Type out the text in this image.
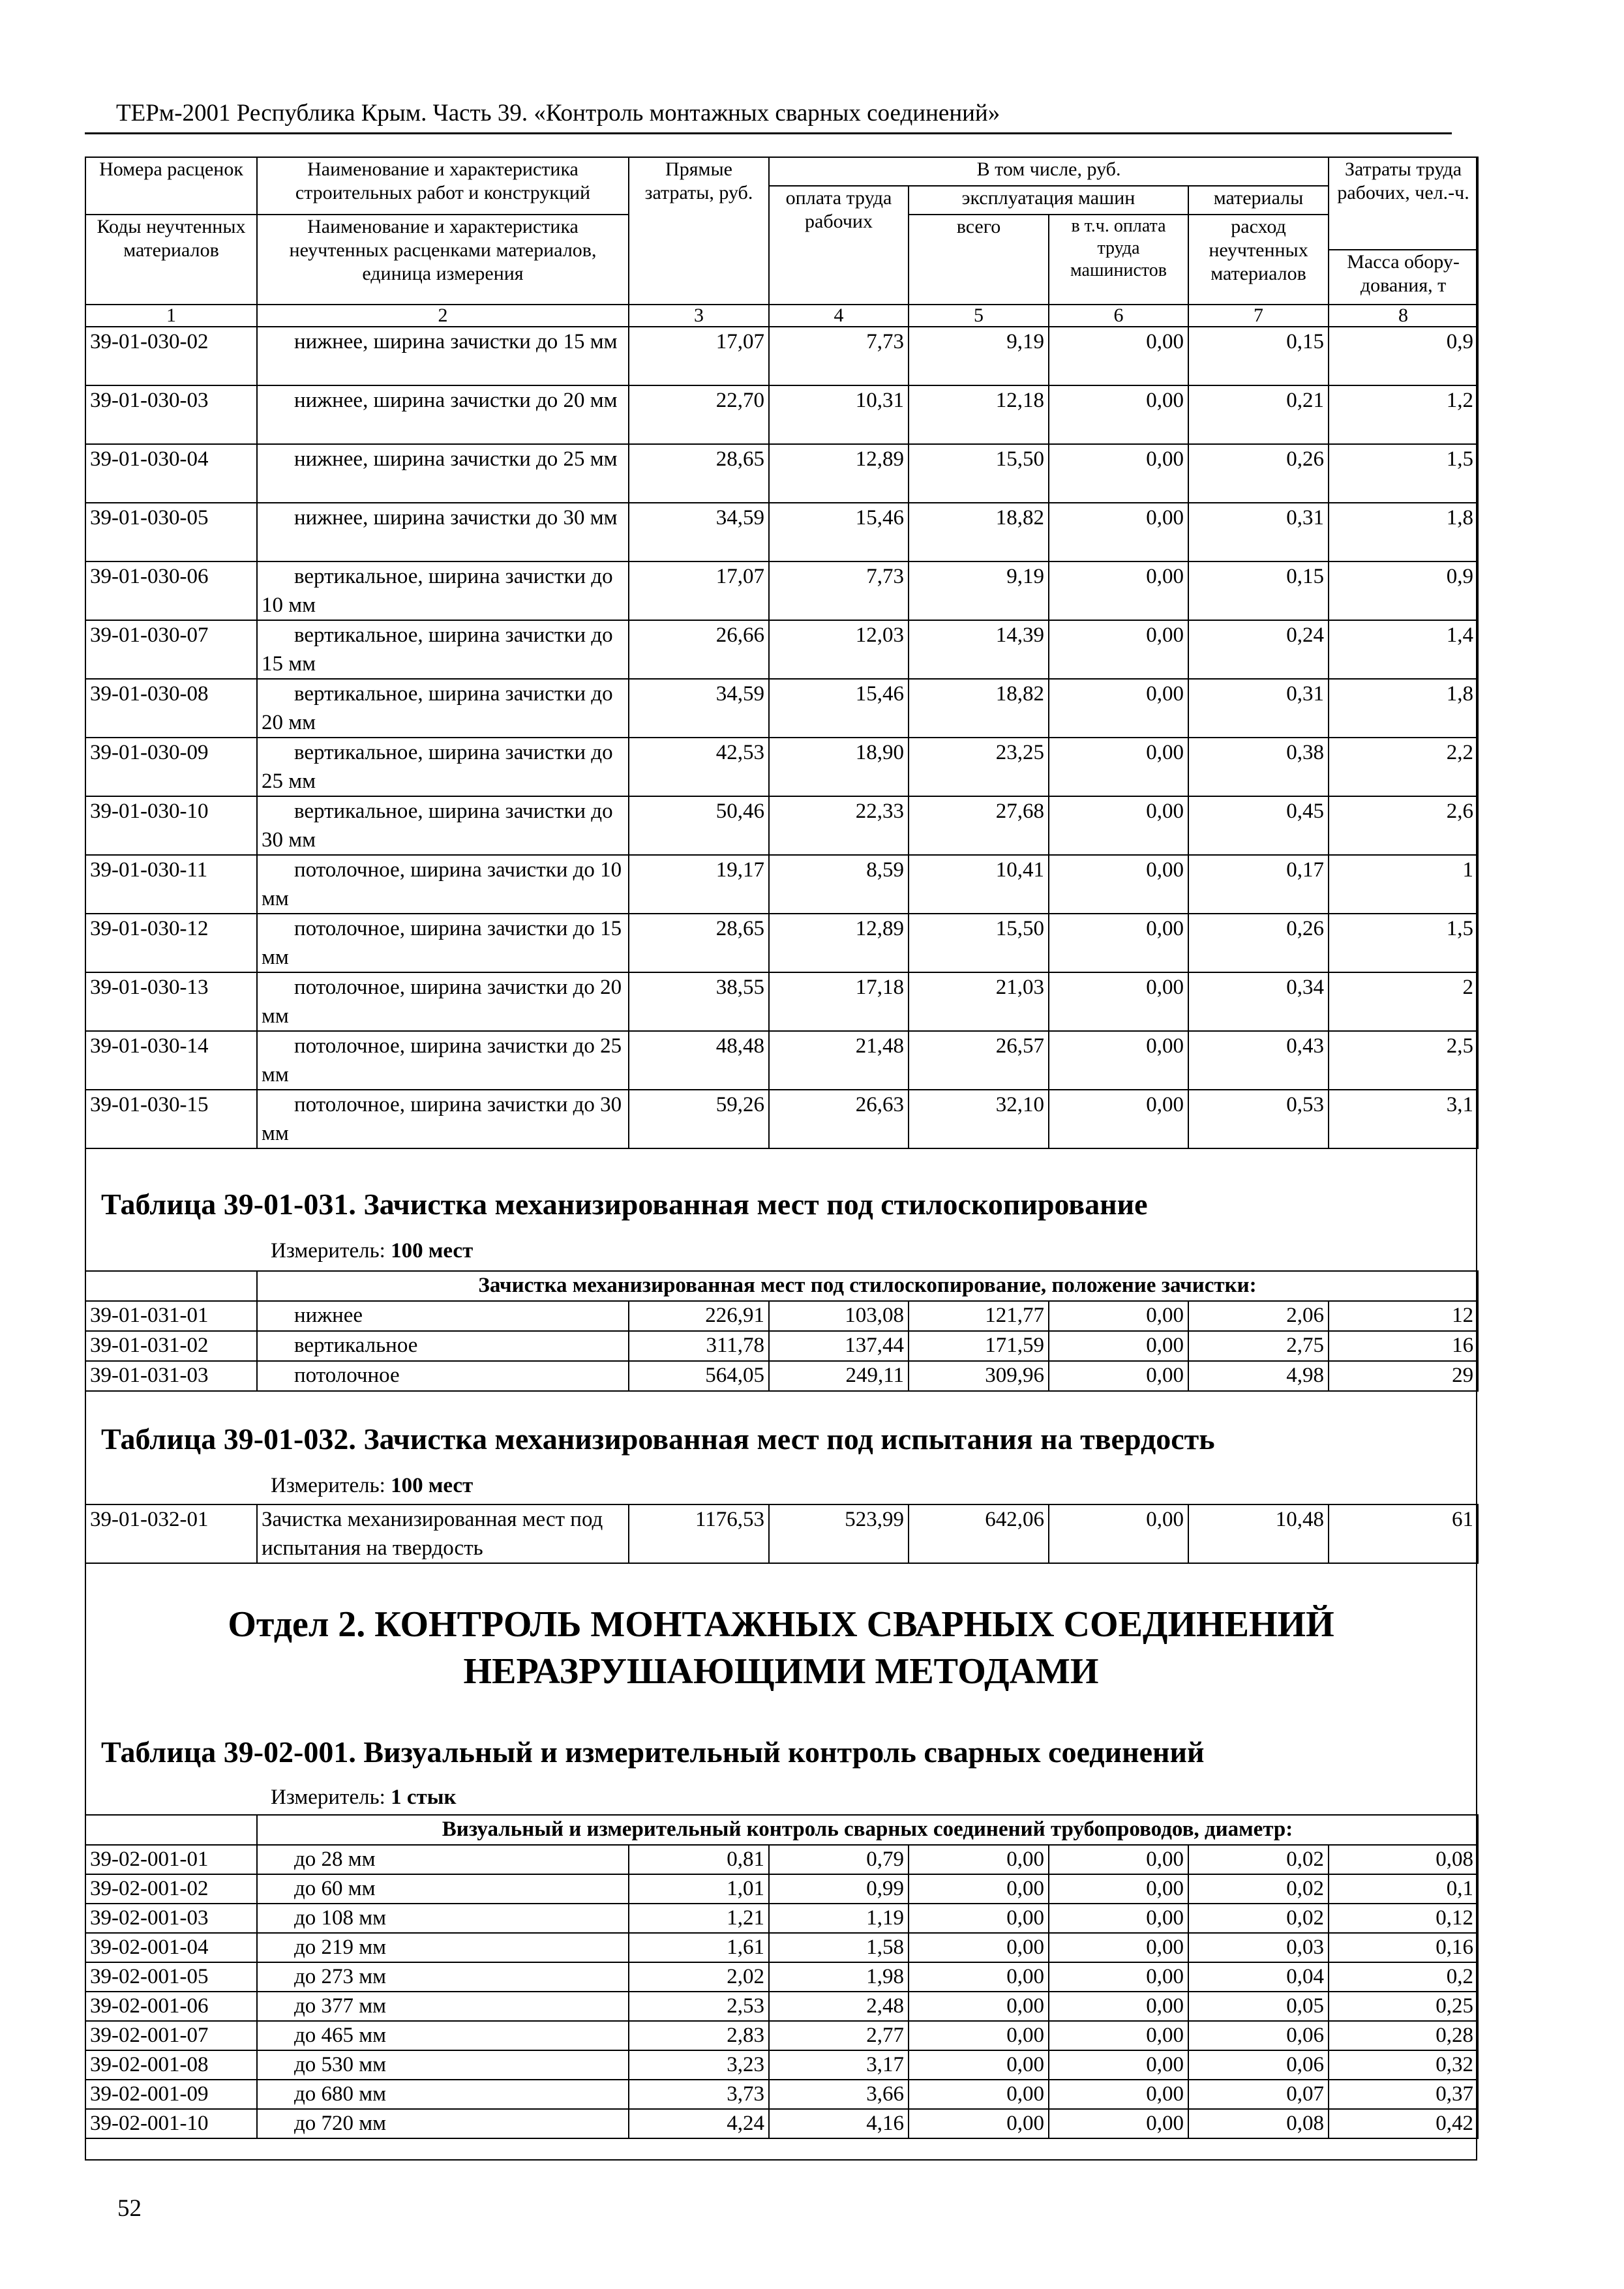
ТЕРм-2001 Республика Крым. Часть 39. «Контроль монтажных сварных соединений»
Номера расценок	Наименование и характеристика строительных работ и конструкций	Прямые затраты, руб.	В том числе, руб.				Затраты труда рабочих, чел.-ч.
			оплата труда рабочих	эксплуатация машин		материалы	
Коды неучтенных материалов	Наименование и характеристика неучтенных расценками материалов, единица измерения			всего	в т.ч. оплата труда машинистов	расход неучтенных материалов	
							Масса обору-дования, т
1	2	3	4	5	6	7	8
39-01-030-02	нижнее, ширина зачистки до 15 мм	17,07	7,73	9,19	0,00	0,15	0,9
39-01-030-03	нижнее, ширина зачистки до 20 мм	22,70	10,31	12,18	0,00	0,21	1,2
39-01-030-04	нижнее, ширина зачистки до 25 мм	28,65	12,89	15,50	0,00	0,26	1,5
39-01-030-05	нижнее, ширина зачистки до 30 мм	34,59	15,46	18,82	0,00	0,31	1,8
39-01-030-06	вертикальное, ширина зачистки до 10 мм	17,07	7,73	9,19	0,00	0,15	0,9
39-01-030-07	вертикальное, ширина зачистки до 15 мм	26,66	12,03	14,39	0,00	0,24	1,4
39-01-030-08	вертикальное, ширина зачистки до 20 мм	34,59	15,46	18,82	0,00	0,31	1,8
39-01-030-09	вертикальное, ширина зачистки до 25 мм	42,53	18,90	23,25	0,00	0,38	2,2
39-01-030-10	вертикальное, ширина зачистки до 30 мм	50,46	22,33	27,68	0,00	0,45	2,6
39-01-030-11	потолочное, ширина зачистки до 10 мм	19,17	8,59	10,41	0,00	0,17	1
39-01-030-12	потолочное, ширина зачистки до 15 мм	28,65	12,89	15,50	0,00	0,26	1,5
39-01-030-13	потолочное, ширина зачистки до 20 мм	38,55	17,18	21,03	0,00	0,34	2
39-01-030-14	потолочное, ширина зачистки до 25 мм	48,48	21,48	26,57	0,00	0,43	2,5
39-01-030-15	потолочное, ширина зачистки до 30 мм	59,26	26,63	32,10	0,00	0,53	3,1
Таблица 39-01-031. Зачистка механизированная мест под стилоскопирование
Измеритель: 100 мест
	Зачистка механизированная мест под стилоскопирование, положение зачистки:						
39-01-031-01	нижнее	226,91	103,08	121,77	0,00	2,06	12
39-01-031-02	вертикальное	311,78	137,44	171,59	0,00	2,75	16
39-01-031-03	потолочное	564,05	249,11	309,96	0,00	4,98	29
Таблица 39-01-032. Зачистка механизированная мест под испытания на твердость
Измеритель: 100 мест
39-01-032-01	Зачистка механизированная мест под испытания на твердость	1176,53	523,99	642,06	0,00	10,48	61
Отдел 2. КОНТРОЛЬ МОНТАЖНЫХ СВАРНЫХ СОЕДИНЕНИЙ
НЕРАЗРУШАЮЩИМИ МЕТОДАМИ
Таблица 39-02-001. Визуальный и измерительный контроль сварных соединений
Измеритель: 1 стык
	Визуальный и измерительный контроль сварных соединений трубопроводов, диаметр:						
39-02-001-01	до 28 мм	0,81	0,79	0,00	0,00	0,02	0,08
39-02-001-02	до 60 мм	1,01	0,99	0,00	0,00	0,02	0,1
39-02-001-03	до 108 мм	1,21	1,19	0,00	0,00	0,02	0,12
39-02-001-04	до 219 мм	1,61	1,58	0,00	0,00	0,03	0,16
39-02-001-05	до 273 мм	2,02	1,98	0,00	0,00	0,04	0,2
39-02-001-06	до 377 мм	2,53	2,48	0,00	0,00	0,05	0,25
39-02-001-07	до 465 мм	2,83	2,77	0,00	0,00	0,06	0,28
39-02-001-08	до 530 мм	3,23	3,17	0,00	0,00	0,06	0,32
39-02-001-09	до 680 мм	3,73	3,66	0,00	0,00	0,07	0,37
39-02-001-10	до 720 мм	4,24	4,16	0,00	0,00	0,08	0,42
52
